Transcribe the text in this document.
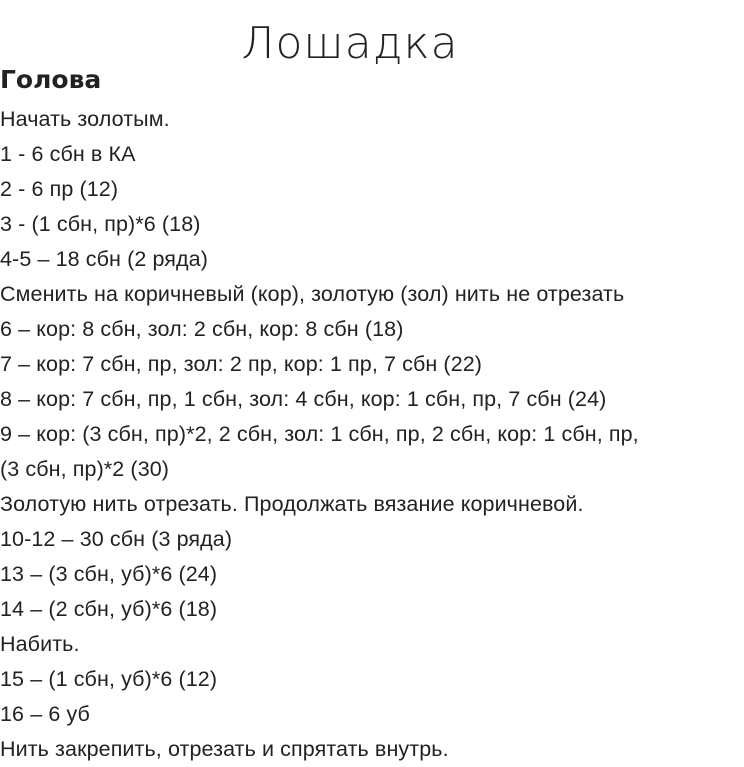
Лошадка
Голова
Начать золотым.
1 - 6 сбн в КА
2 - 6 пр (12)
3 - (1 сбн, пр)*6 (18)
4-5 – 18 сбн (2 ряда)
Сменить на коричневый (кор), золотую (зол) нить не отрезать
6 – кор: 8 сбн, зол: 2 сбн, кор: 8 сбн (18)
7 – кор: 7 сбн, пр, зол: 2 пр, кор: 1 пр, 7 сбн (22)
8 – кор: 7 сбн, пр, 1 сбн, зол: 4 сбн, кор: 1 сбн, пр, 7 сбн (24)
9 – кор: (3 сбн, пр)*2, 2 сбн, зол: 1 сбн, пр, 2 сбн, кор: 1 сбн, пр,
(3 сбн, пр)*2 (30)
Золотую нить отрезать. Продолжать вязание коричневой.
10-12 – 30 сбн (3 ряда)
13 – (3 сбн, уб)*6 (24)
14 – (2 сбн, уб)*6 (18)
Набить.
15 – (1 сбн, уб)*6 (12)
16 – 6 уб
Нить закрепить, отрезать и спрятать внутрь.
